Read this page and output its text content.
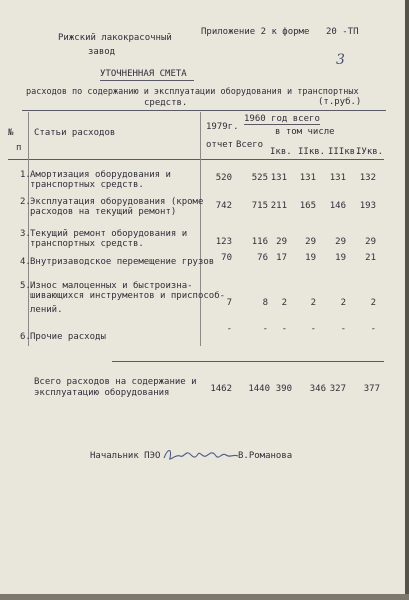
Рижский лакокрасочный
завод
Приложение 2 к форме 20 -ТП
3
УТОЧНЕННАЯ СМЕТА
расходов по содержанию и эксплуатации оборудования и транспортных
средств.	(т.руб.)
№ Статьи расходов
п
1979г.
отчет
1960 год всего
в том числе
Всего
Iкв. IIкв. IIIкв.
IУкв.
1. Амортизация оборудования и
транспортных средств.
520	525 131	131	131	132
2. Эксплуатация оборудования (кроме
расходов на текущий ремонт)
742	715 211	165	146	193
3. Текущий ремонт оборудования и
транспортных средств.	123	116 29	29	29	29
4. Внутризаводское перемещение грузов 70	76 17	19	19	21
5. Износ малоценных и быстроизна-
шивающихся инструментов и приспособ-
лений.
7	8	2	2	2	2
6. Прочие расходы
-	-	-	-	-	-
Всего расходов на содержание и
эксплуатацию оборудования	1462 1440 390	346 327	377
Начальник ПЭО	В.Романова
